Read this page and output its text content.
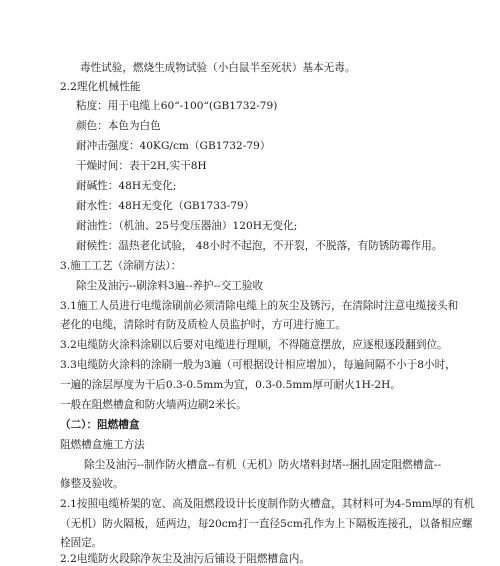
毒性试验，燃烧生成物试验（小白鼠半至死状）基本无毒。
2.2理化机械性能
粘度：用于电缆上60“-100“(GB1732-79)
颜色：本色为白色
耐冲击强度：40KG/cm（GB1732-79）
干燥时间：表干2H,实干8H
耐碱性：48H无变化;
耐水性：48H无变化（GB1733-79）
耐油性：（机油、25号变压器油）120H无变化;
耐候性：温热老化试验， 48小时不起泡，不开裂，不脱落，有防锈防霉作用。
3.施工工艺（涂刷方法）：
除尘及油污--刷涂料3遍--养护--交工验收
3.1施工人员进行电缆涂刷前必须清除电缆上的灰尘及锈污，在清除时注意电缆接头和
老化的电缆，清除时有防及质检人员监护时，方可进行施工。
3.2电缆防火涂料涂刷以后要对电缆进行理顺，不得随意摆放，应逐根逐段翻到位。
3.3电缆防火涂料的涂刷一般为3遍（可根据设计相应增加），每遍间隔不小于8小时，
一遍的涂层厚度为干后0.3-0.5mm为宜，0.3-0.5mm厚可耐火1H-2H。
一般在阻燃槽盒和防火墙两边刷2米长。
（二）：阻燃槽盒
阻燃槽盒施工方法
除尘及油污--制作防火槽盒--有机（无机）防火堵料封堵--捆扎固定阻燃槽盒--
修整及验收。
2.1按照电缆桥架的宽、高及阻燃段设计长度制作防火槽盒，其材料可为4-5mm厚的有机
（无机）防火隔板，延两边，每20cm打一直径5cm孔作为上下隔板连接孔，以备相应螺
栓固定。
2.2电缆防火段除净灰尘及油污后铺设于阻燃槽盒内。
